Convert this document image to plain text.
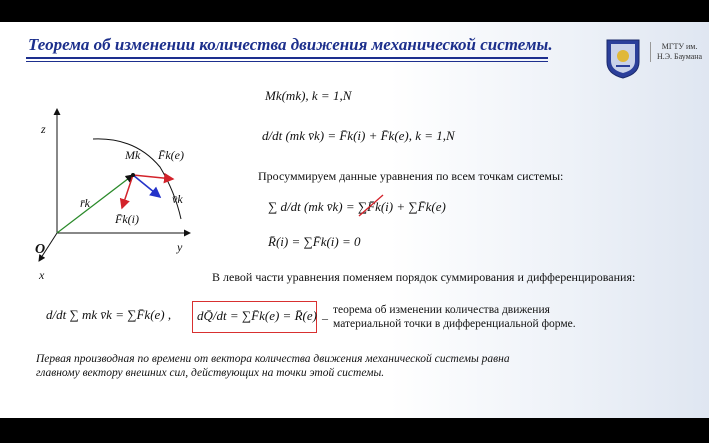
Теорема об изменении количества движения механической системы.	МГТУ им.
Н.Э. Баумана
z
x
y
O
Mk
r̄k
F̄k(i)
F̄k(e)
v̄k
Mk(mk), k = 1,N
d/dt (mk v̄k) = F̄k(i) + F̄k(e), k = 1,N
Просуммируем данные уравнения по всем точкам системы:
∑ d/dt (mk v̄k) = ∑F̄k(i) + ∑F̄k(e)
R̄(i) = ∑F̄k(i) = 0
В левой части уравнения поменяем порядок суммирования и дифференцирования:
d/dt ∑ mk v̄k = ∑F̄k(e) , dQ̄/dt = ∑F̄k(e) = R̄(e) –
теорема об изменении количества движения
материальной точки в дифференциальной форме.
Первая производная по времени от вектора количества движения механической системы равна
главному вектору внешних сил, действующих на точки этой системы.
